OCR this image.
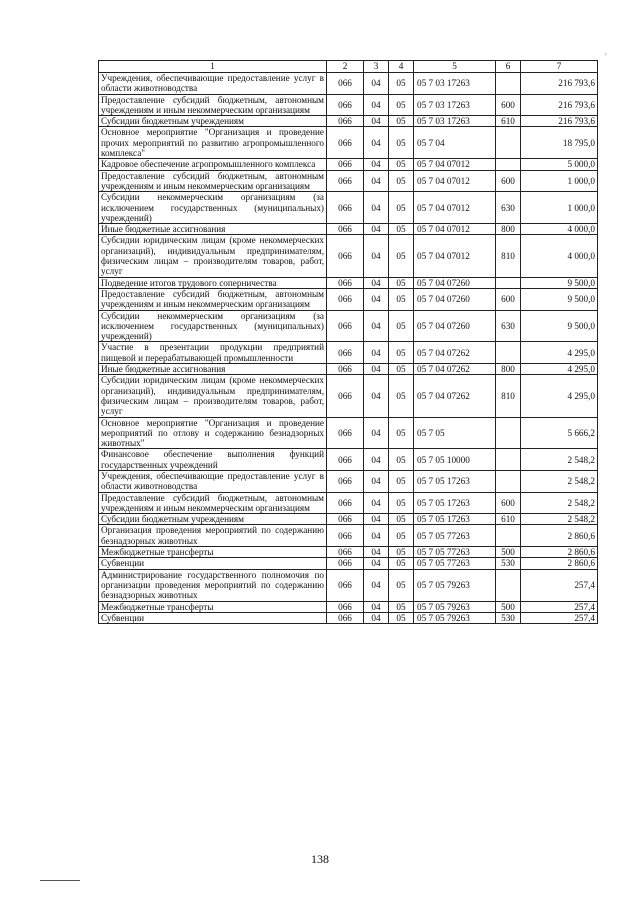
′
1	2	3	4	5	6	7
Учреждения, обеспечивающие предоставление услуг в области животноводства	066	04	05	05 7 03 17263		216 793,6
Предоставление субсидий бюджетным, автономным учреждениям и иным некоммерческим организациям	066	04	05	05 7 03 17263	600	216 793,6
Субсидии бюджетным учреждениям	066	04	05	05 7 03 17263	610	216 793,6
Основное мероприятие "Организация и проведение прочих мероприятий по развитию агропромышленного комплекса"	066	04	05	05 7 04		18 795,0
Кадровое обеспечение агропромышленного комплекса	066	04	05	05 7 04 07012		5 000,0
Предоставление субсидий бюджетным, автономным учреждениям и иным некоммерческим организациям	066	04	05	05 7 04 07012	600	1 000,0
Субсидии некоммерческим организациям (за исключением государственных (муниципальных) учреждений)	066	04	05	05 7 04 07012	630	1 000,0
Иные бюджетные ассигнования	066	04	05	05 7 04 07012	800	4 000,0
Субсидии юридическим лицам (кроме некоммерческих организаций), индивидуальным предпринимателям, физическим лицам – производителям товаров, работ, услуг	066	04	05	05 7 04 07012	810	4 000,0
Подведение итогов трудового соперничества	066	04	05	05 7 04 07260		9 500,0
Предоставление субсидий бюджетным, автономным учреждениям и иным некоммерческим организациям	066	04	05	05 7 04 07260	600	9 500,0
Субсидии некоммерческим организациям (за исключением государственных (муниципальных) учреждений)	066	04	05	05 7 04 07260	630	9 500,0
Участие в презентации продукции предприятий пищевой и перерабатывающей промышленности	066	04	05	05 7 04 07262		4 295,0
Иные бюджетные ассигнования	066	04	05	05 7 04 07262	800	4 295,0
Субсидии юридическим лицам (кроме некоммерческих организаций), индивидуальным предпринимателям, физическим лицам – производителям товаров, работ, услуг	066	04	05	05 7 04 07262	810	4 295,0
Основное мероприятие "Организация и проведение мероприятий по отлову и содержанию безнадзорных животных"	066	04	05	05 7 05		5 666,2
Финансовое обеспечение выполнения функций государственных учреждений	066	04	05	05 7 05 10000		2 548,2
Учреждения, обеспечивающие предоставление услуг в области животноводства	066	04	05	05 7 05 17263		2 548,2
Предоставление субсидий бюджетным, автономным учреждениям и иным некоммерческим организациям	066	04	05	05 7 05 17263	600	2 548,2
Субсидии бюджетным учреждениям	066	04	05	05 7 05 17263	610	2 548,2
Организация проведения мероприятий по содержанию безнадзорных животных	066	04	05	05 7 05 77263		2 860,6
Межбюджетные трансферты	066	04	05	05 7 05 77263	500	2 860,6
Субвенции	066	04	05	05 7 05 77263	530	2 860,6
Администрирование государственного полномочия по организации проведения мероприятий по содержанию безнадзорных животных	066	04	05	05 7 05 79263		257,4
Межбюджетные трансферты	066	04	05	05 7 05 79263	500	257,4
Субвенции	066	04	05	05 7 05 79263	530	257,4
138
